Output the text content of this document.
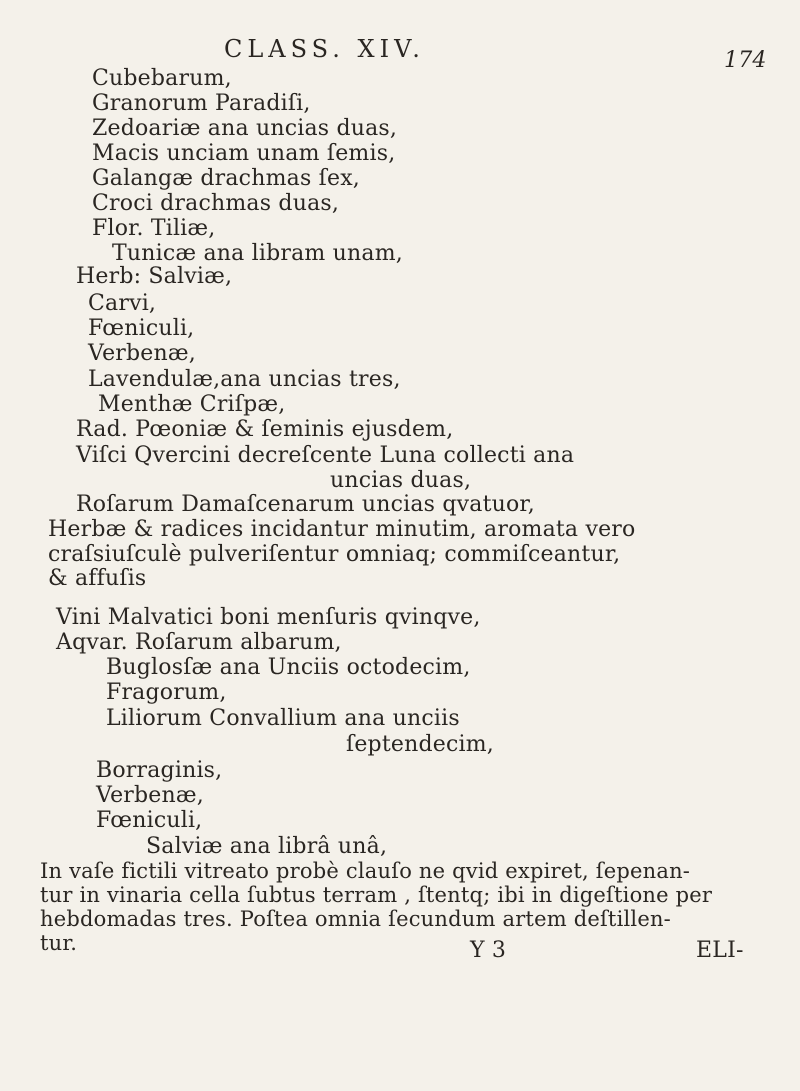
CLASS. XIV.	174
Cubebarum,
Granorum Paradiſi,
Zedoariæ ana uncias duas,
Macis unciam unam ſemis,
Galangæ drachmas ſex,
Croci drachmas duas,
Flor. Tiliæ,
Tunicæ ana libram unam,
Herb: Salviæ,
Carvi,
Fœniculi,
Verbenæ,
Lavendulæ,ana uncias tres,
Menthæ Criſpæ,
Rad. Pœoniæ & ſeminis ejusdem,
Viſci Qvercini decreſcente Luna collecti ana
uncias duas,
Roſarum Damaſcenarum uncias qvatuor,
Herbæ & radices incidantur minutim, aromata vero
craſsiuſculè pulveriſentur omniaq; commiſceantur,
& affuſis
Vini Malvatici boni menſuris qvinqve,
Aqvar. Roſarum albarum,
Buglosſæ ana Unciis octodecim,
Fragorum,
Liliorum Convallium ana unciis
ſeptendecim,
Borraginis,
Verbenæ,
Fœniculi,
Salviæ ana librâ unâ,
In vaſe fictili vitreato probè clauſo ne qvid expiret, ſepenan-
tur in vinaria cella ſubtus terram , ſtentq; ibi in digeſtione per
hebdomadas tres. Poſtea omnia ſecundum artem deſtillen-
tur.	Y 3	ELI-
